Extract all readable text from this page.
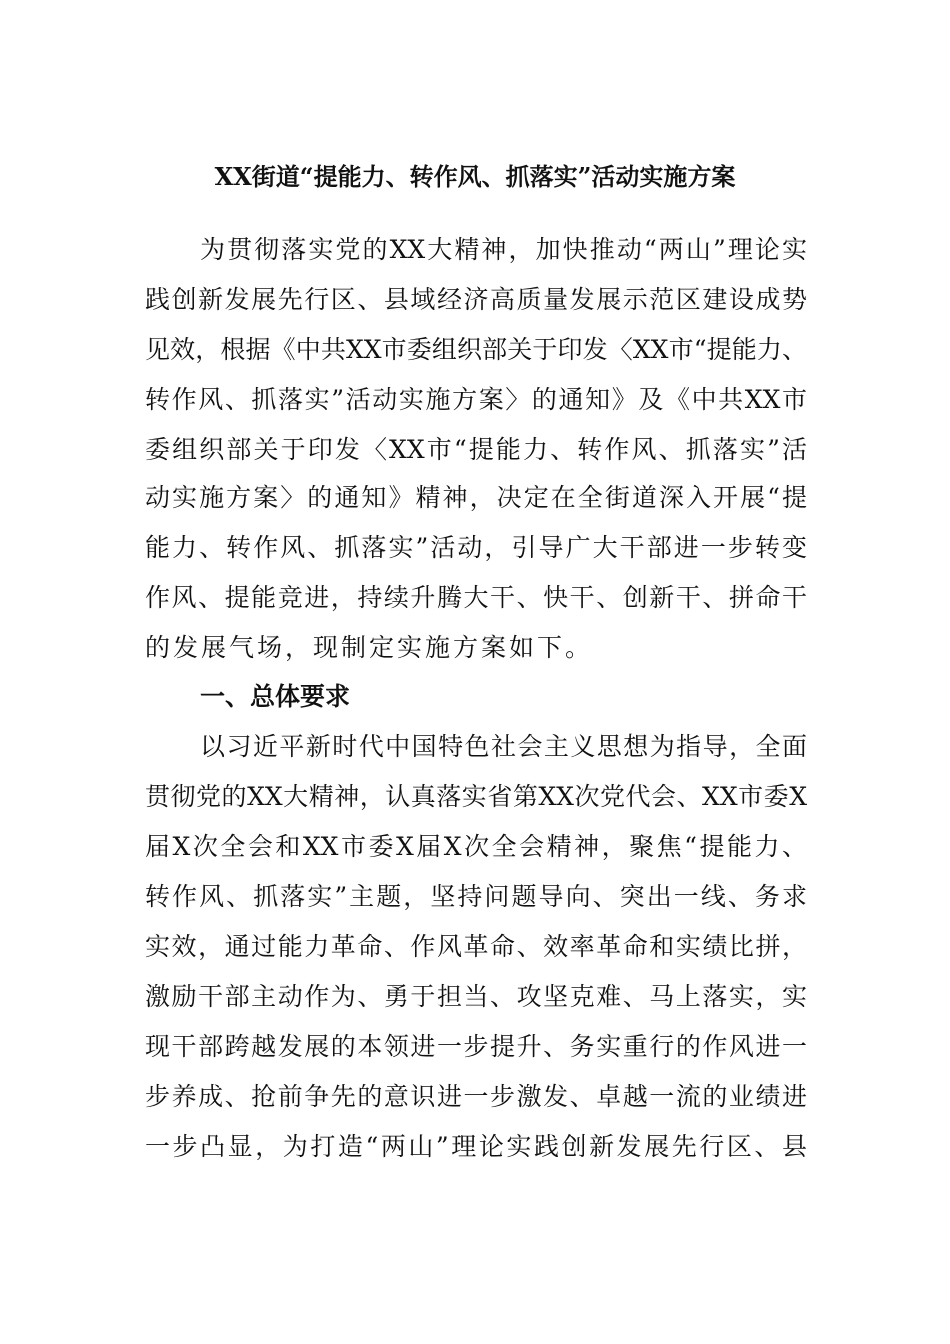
XX街道“提能力、转作风、抓落实”活动实施方案
为贯彻落实党的XX大精神，加快推动“两山”理论实
践创新发展先行区、县域经济高质量发展示范区建设成势
见效，根据《中共XX市委组织部关于印发〈XX市“提能力、
转作风、抓落实”活动实施方案〉的通知》及《中共XX市
委组织部关于印发〈XX市“提能力、转作风、抓落实”活
动实施方案〉的通知》精神，决定在全街道深入开展“提
能力、转作风、抓落实”活动，引导广大干部进一步转变
作风、提能竞进，持续升腾大干、快干、创新干、拼命干
的发展气场，现制定实施方案如下。
一、总体要求
以习近平新时代中国特色社会主义思想为指导，全面
贯彻党的XX大精神，认真落实省第XX次党代会、XX市委X
届X次全会和XX市委X届X次全会精神，聚焦“提能力、
转作风、抓落实”主题，坚持问题导向、突出一线、务求
实效，通过能力革命、作风革命、效率革命和实绩比拼，
激励干部主动作为、勇于担当、攻坚克难、马上落实，实
现干部跨越发展的本领进一步提升、务实重行的作风进一
步养成、抢前争先的意识进一步激发、卓越一流的业绩进
一步凸显，为打造“两山”理论实践创新发展先行区、县
